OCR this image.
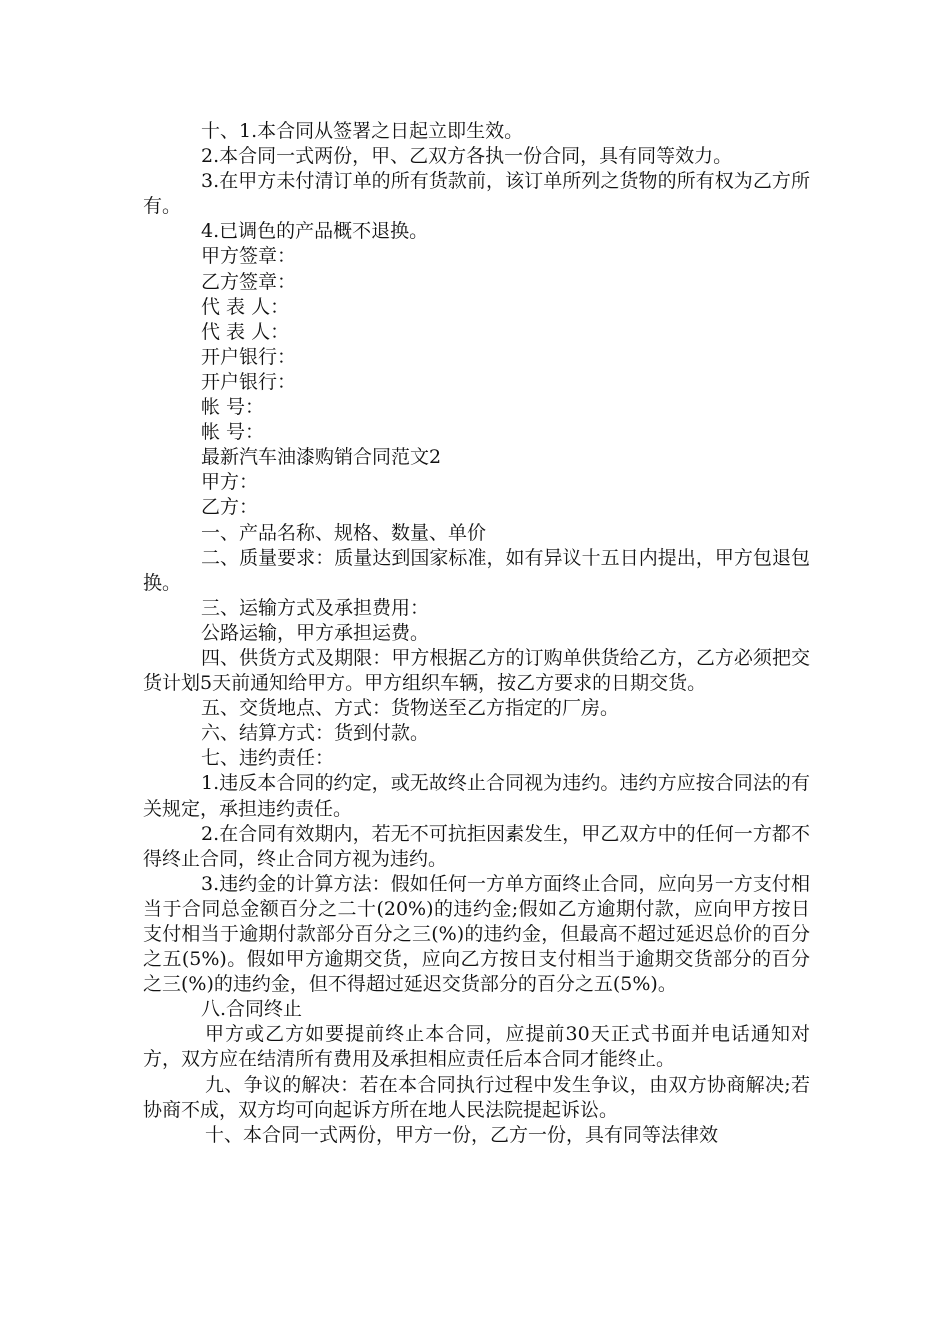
十、1.本合同从签署之日起立即生效。

2.本合同一式两份，甲、乙双方各执一份合同，具有同等效力。

3.在甲方未付清订单的所有货款前，该订单所列之货物的所有权为乙方所有。

4.已调色的产品概不退换。

甲方签章：

乙方签章：

代 表 人：

代 表 人：

开户银行：

开户银行：

帐 号：

帐 号：

最新汽车油漆购销合同范文2

甲方：

乙方：

一、产品名称、规格、数量、单价

二、质量要求：质量达到国家标准，如有异议十五日内提出，甲方包退包换。

三、运输方式及承担费用：

公路运输，甲方承担运费。

四、供货方式及期限：甲方根据乙方的订购单供货给乙方，乙方必须把交货计划5天前通知给甲方。甲方组织车辆，按乙方要求的日期交货。

五、交货地点、方式：货物送至乙方指定的厂房。

六、结算方式：货到付款。

七、违约责任：

1.违反本合同的约定，或无故终止合同视为违约。违约方应按合同法的有关规定，承担违约责任。

2.在合同有效期内，若无不可抗拒因素发生，甲乙双方中的任何一方都不得终止合同，终止合同方视为违约。

3.违约金的计算方法：假如任何一方单方面终止合同，应向另一方支付相当于合同总金额百分之二十(20%)的违约金;假如乙方逾期付款，应向甲方按日支付相当于逾期付款部分百分之三(%)的违约金，但最高不超过延迟总价的百分之五(5%)。假如甲方逾期交货，应向乙方按日支付相当于逾期交货部分的百分之三(%)的违约金，但不得超过延迟交货部分的百分之五(5%)。

八.合同终止

甲方或乙方如要提前终止本合同，应提前30天正式书面并电话通知对方，双方应在结清所有费用及承担相应责任后本合同才能终止。

九、争议的解决：若在本合同执行过程中发生争议，由双方协商解决;若协商不成，双方均可向起诉方所在地人民法院提起诉讼。

十、本合同一式两份，甲方一份，乙方一份，具有同等法律效
